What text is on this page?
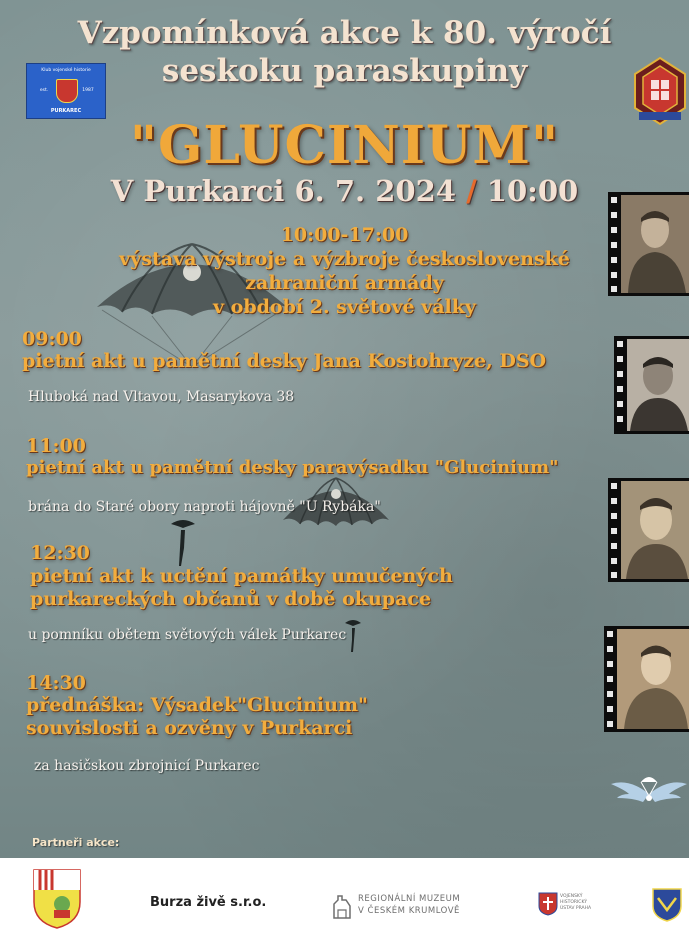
Klub vojenské historie
est.	1987
PURKAREC
Vzpomínková akce k 80. výročí
seskoku paraskupiny
"GLUCINIUM"
V Purkarci 6. 7. 2024 / 10:00
10:00-17:00
výstava výstroje a výzbroje československé
zahraniční armády
v období 2. světové války
09:00
pietní akt u pamětní desky Jana Kostohryze, DSO
Hluboká nad Vltavou, Masarykova 38
11:00
pietní akt u pamětní desky paravýsadku "Glucinium"
brána do Staré obory naproti hájovně "U Rybáka"
12:30
pietní akt k uctění památky umučených
purkareckých občanů v době okupace
u pomníku obětem světových válek Purkarec
14:30
přednáška: Výsadek"Glucinium"
souvislosti a ozvěny v Purkarci
za hasičskou zbrojnicí Purkarec
Partneři akce:
Burza živě s.r.o.	REGIONÁLNÍ MUZEUM
V ČESKÉM KRUMLOVĚ
VOJENSKÝ
HISTORICKÝ
ÚSTAV PRAHA
